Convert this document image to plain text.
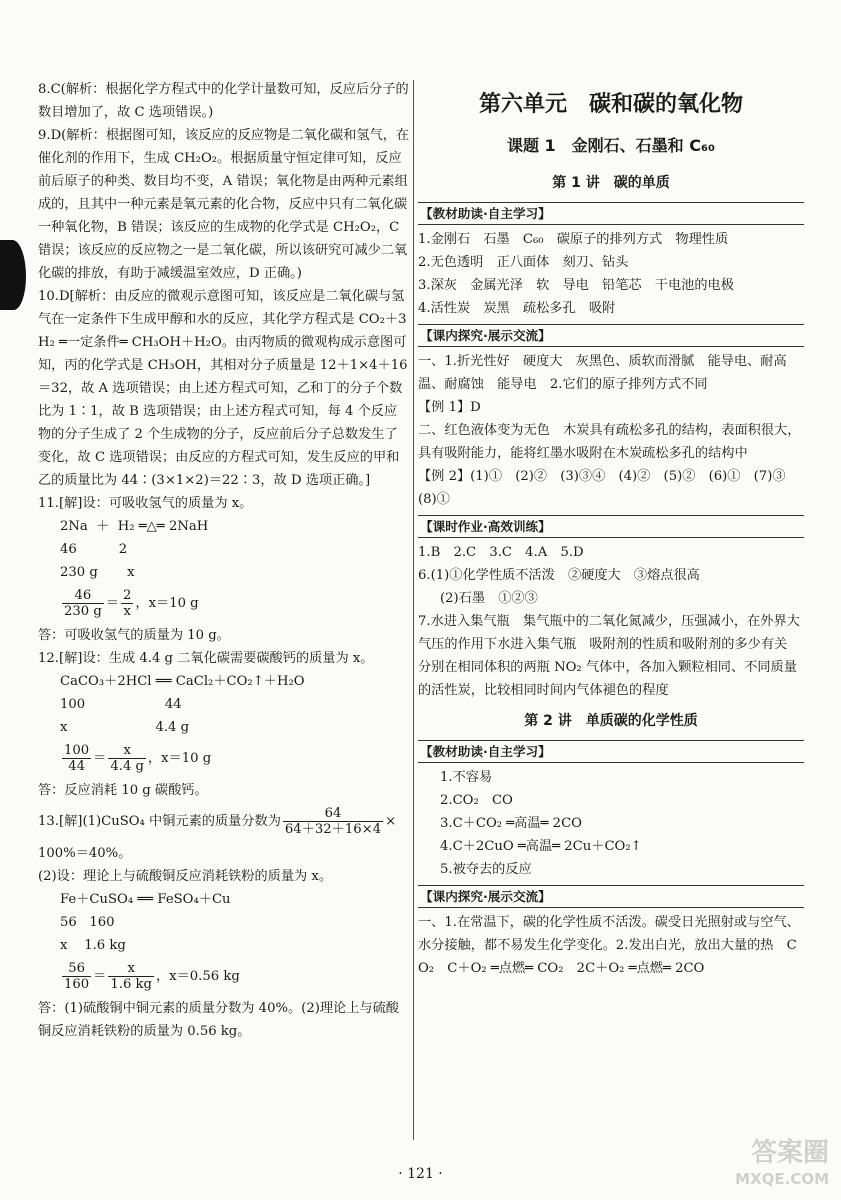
8.C(解析：根据化学方程式中的化学计量数可知，反应后分子的数目增加了，故 C 选项错误。)

9.D(解析：根据图可知，该反应的反应物是二氧化碳和氢气，在催化剂的作用下，生成 CH₂O₂。根据质量守恒定律可知，反应前后原子的种类、数目均不变，A 错误；氧化物是由两种元素组成的，且其中一种元素是氧元素的化合物，反应中只有二氧化碳一种氧化物，B 错误；该反应的生成物的化学式是 CH₂O₂，C 错误；该反应的反应物之一是二氧化碳，所以该研究可减少二氧化碳的排放，有助于减缓温室效应，D 正确。)

10.D[解析：由反应的微观示意图可知，该反应是二氧化碳与氢气在一定条件下生成甲醇和水的反应，其化学方程式是 CO₂＋3H₂ ═一定条件═ CH₃OH＋H₂O。由丙物质的微观构成示意图可知，丙的化学式是 CH₃OH，其相对分子质量是 12＋1×4＋16＝32，故 A 选项错误；由上述方程式可知，乙和丁的分子个数比为 1∶1，故 B 选项错误；由上述方程式可知，每 4 个反应物的分子生成了 2 个生成物的分子，反应前后分子总数发生了变化，故 C 选项错误；由反应的方程式可知，发生反应的甲和乙的质量比为 44∶(3×1×2)＝22∶3，故 D 选项正确。]

11.[解]设：可吸收氢气的质量为 x。

2Na  ＋  H₂ ═△═ 2NaH

46          2

230 g       x

$\frac{46}{230 g} = \frac{2}{x}$ ，x＝10 g

答：可吸收氢气的质量为 10 g。

12.[解]设：生成 4.4 g 二氧化碳需要碳酸钙的质量为 x。

CaCO₃＋2HCl ══ CaCl₂＋CO₂↑＋H₂O

100                   44

x                     4.4 g

$\frac{100}{44} = \frac{x}{4.4 g}$ ，x＝10 g

答：反应消耗 10 g 碳酸钙。

13.[解](1)CuSO₄ 中铜元素的质量分数为 $\frac{64}{64+32+16\times 4}$ ×

100%＝40%。

(2)设：理论上与硫酸铜反应消耗铁粉的质量为 x。

Fe＋CuSO₄ ══ FeSO₄＋Cu

56   160

x    1.6 kg

$\frac{56}{160} = \frac{x}{1.6 kg}$ ，x＝0.56 kg

答：(1)硫酸铜中铜元素的质量分数为 40%。(2)理论上与硫酸铜反应消耗铁粉的质量为 0.56 kg。

第六单元　碳和碳的氧化物
课题 1　金刚石、石墨和 C₆₀
第 1 讲　碳的单质
【教材助读·自主学习】

1.金刚石　石墨　C₆₀　碳原子的排列方式　物理性质

2.无色透明　正八面体　刻刀、钻头

3.深灰　金属光泽　软　导电　铅笔芯　干电池的电极

4.活性炭　炭黑　疏松多孔　吸附

【课内探究·展示交流】

一、1.折光性好　硬度大　灰黑色、质软而滑腻　能导电、耐高温、耐腐蚀　能导电　2.它们的原子排列方式不同

【例 1】D

二、红色液体变为无色　木炭具有疏松多孔的结构，表面积很大，具有吸附能力，能将红墨水吸附在木炭疏松多孔的结构中

【例 2】(1)①　(2)②　(3)③④　(4)②　(5)②　(6)①　(7)③　(8)①

【课时作业·高效训练】

1.B　2.C　3.C　4.A　5.D

6.(1)①化学性质不活泼　②硬度大　③熔点很高

(2)石墨　①②③

7.水进入集气瓶　集气瓶中的二氧化氮减少，压强减小，在外界大气压的作用下水进入集气瓶　吸附剂的性质和吸附剂的多少有关　分别在相同体积的两瓶 NO₂ 气体中，各加入颗粒相同、不同质量的活性炭，比较相同时间内气体褪色的程度

第 2 讲　单质碳的化学性质
【教材助读·自主学习】

1.不容易

2.CO₂　CO

3.C＋CO₂ ═高温═ 2CO

4.C＋2CuO ═高温═ 2Cu＋CO₂↑

5.被夺去的反应

【课内探究·展示交流】

一、1.在常温下，碳的化学性质不活泼。碳受日光照射或与空气、水分接触，都不易发生化学变化。2.发出白光，放出大量的热　CO₂　C＋O₂ ═点燃═ CO₂　2C＋O₂ ═点燃═ 2CO

· 121 ·
答案圈
MXQE.COM
